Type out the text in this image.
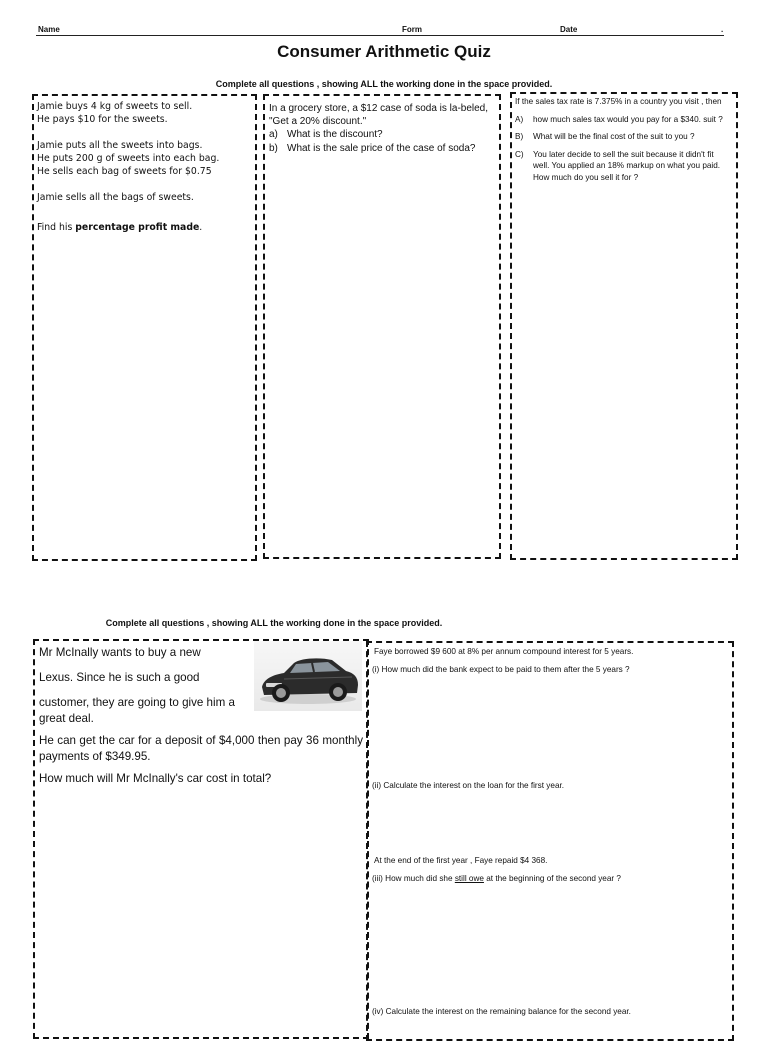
Name	Form	Date	.
Consumer Arithmetic Quiz
Complete all questions , showing ALL the working done in the space provided.

Jamie buys 4 kg of sweets to sell.

He pays $10 for the sweets.

Jamie puts all the sweets into bags.

He puts 200 g of sweets into each bag.

He sells each bag of sweets for $0.75

Jamie sells all the bags of sweets.

Find his percentage profit made.

In a grocery store, a $12 case of soda is la-beled, "Get a 20% discount."
a) What is the discount?
b) What is the sale price of the case of soda?
If the sales tax rate is 7.375% in a country you visit , then
A)	how much sales tax would you pay for a $340. suit ?
B)	What will be the final cost of the suit to you ?
C)	You later decide to sell the suit because it didn't fit well. You applied an 18% markup on what you paid. How much do you sell it for ?
Complete all questions , showing ALL the working done in the space provided.

Mr McInally wants to buy a new

Lexus. Since he is such a good

customer, they are going to give him a

great deal.

He can get the car for a deposit of $4,000 then pay 36 monthly payments of $349.95.

How much will Mr McInally's car cost in total?

Faye borrowed $9 600 at 8% per annum compound interest for 5 years.
(i) How much did the bank expect to be paid to them after the 5 years ?
(ii) Calculate the interest on the loan for the first year.
At the end of the first year , Faye repaid $4 368.
(iii) How much did she still owe at the beginning of the second year ?
(iv) Calculate the interest on the remaining balance for the second year.
